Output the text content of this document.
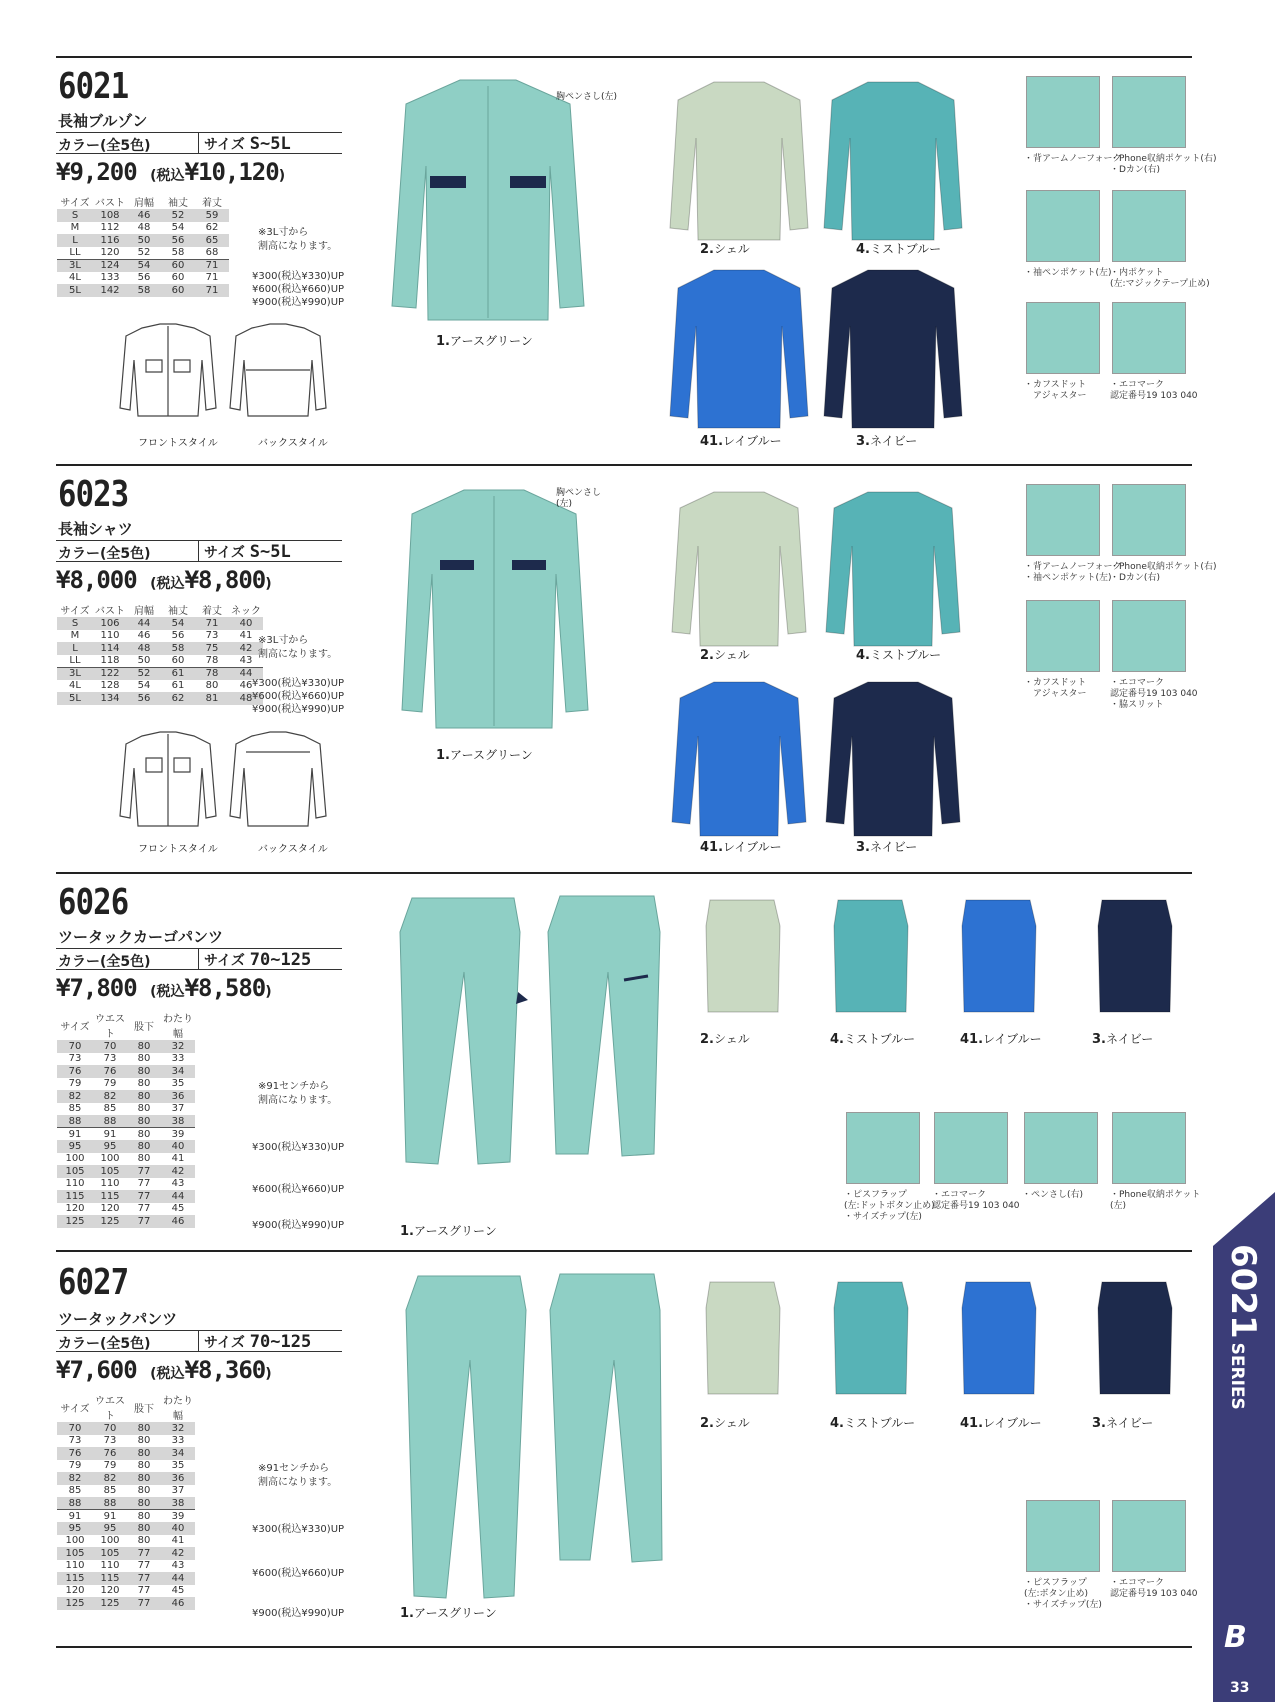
6021
長袖ブルゾン
カラー(全5色)	サイズ S~5L
¥9,200 (税込¥10,120)
サイズ	バスト	肩幅	袖丈	着丈
S	108	46	52	59
M	112	48	54	62
L	116	50	56	65
LL	120	52	58	68
3L	124	54	60	71
4L	133	56	60	71
5L	142	58	60	71
※3L寸から
割高になります。
¥300(税込¥330)UP
¥600(税込¥660)UP
¥900(税込¥990)UP
フロントスタイル	バックスタイル
胸ペンさし(左)
1.アースグリーン
2.シェル	4.ミストブルー
41.レイブルー	3.ネイビー
・背アームノーフォーク
・Phone収納ポケット(右)
・Dカン(右)
・袖ペンポケット(左)
・内ポケット
(左:マジックテープ止め)
・カフスドット
　アジャスター
・エコマーク
認定番号19 103 040
6023
長袖シャツ
カラー(全5色)	サイズ S~5L
¥8,000 (税込¥8,800)
サイズ	バスト	肩幅	袖丈	着丈	ネック
S	106	44	54	71	40
M	110	46	56	73	41
L	114	48	58	75	42
LL	118	50	60	78	43
3L	122	52	61	78	44
4L	128	54	61	80	46
5L	134	56	62	81	48
※3L寸から
割高になります。
¥300(税込¥330)UP
¥600(税込¥660)UP
¥900(税込¥990)UP
フロントスタイル	バックスタイル
胸ペンさし
(左)
1.アースグリーン
2.シェル	4.ミストブルー
41.レイブルー	3.ネイビー
・背アームノーフォーク
・袖ペンポケット(左)
・Phone収納ポケット(右)
・Dカン(右)
・カフスドット
　アジャスター
・エコマーク
認定番号19 103 040
・脇スリット
6026
ツータックカーゴパンツ
カラー(全5色)	サイズ 70~125
¥7,800 (税込¥8,580)
サイズ	ウエスト	股下	わたり幅
70	70	80	32
73	73	80	33
76	76	80	34
79	79	80	35
82	82	80	36
85	85	80	37
88	88	80	38
91	91	80	39
95	95	80	40
100	100	80	41
105	105	77	42
110	110	77	43
115	115	77	44
120	120	77	45
125	125	77	46
※91センチから
割高になります。
¥300(税込¥330)UP
¥600(税込¥660)UP
¥900(税込¥990)UP	1.アースグリーン
2.シェル	4.ミストブルー	41.レイブルー	3.ネイビー
・ピスフラップ
(左:ドットボタン止め)
・サイズチップ(左)
・エコマーク
認定番号19 103 040
・ペンさし(右)	・Phone収納ポケット
(左)
6027
ツータックパンツ
カラー(全5色)	サイズ 70~125
¥7,600 (税込¥8,360)
サイズ	ウエスト	股下	わたり幅
70	70	80	32
73	73	80	33
76	76	80	34
79	79	80	35
82	82	80	36
85	85	80	37
88	88	80	38
91	91	80	39
95	95	80	40
100	100	80	41
105	105	77	42
110	110	77	43
115	115	77	44
120	120	77	45
125	125	77	46
※91センチから
割高になります。
¥300(税込¥330)UP
¥600(税込¥660)UP
¥900(税込¥990)UP	1.アースグリーン
2.シェル	4.ミストブルー	41.レイブルー	3.ネイビー
・ピスフラップ
(左:ボタン止め)
・サイズチップ(左)
・エコマーク
認定番号19 103 040
6021SERIES
B
33
